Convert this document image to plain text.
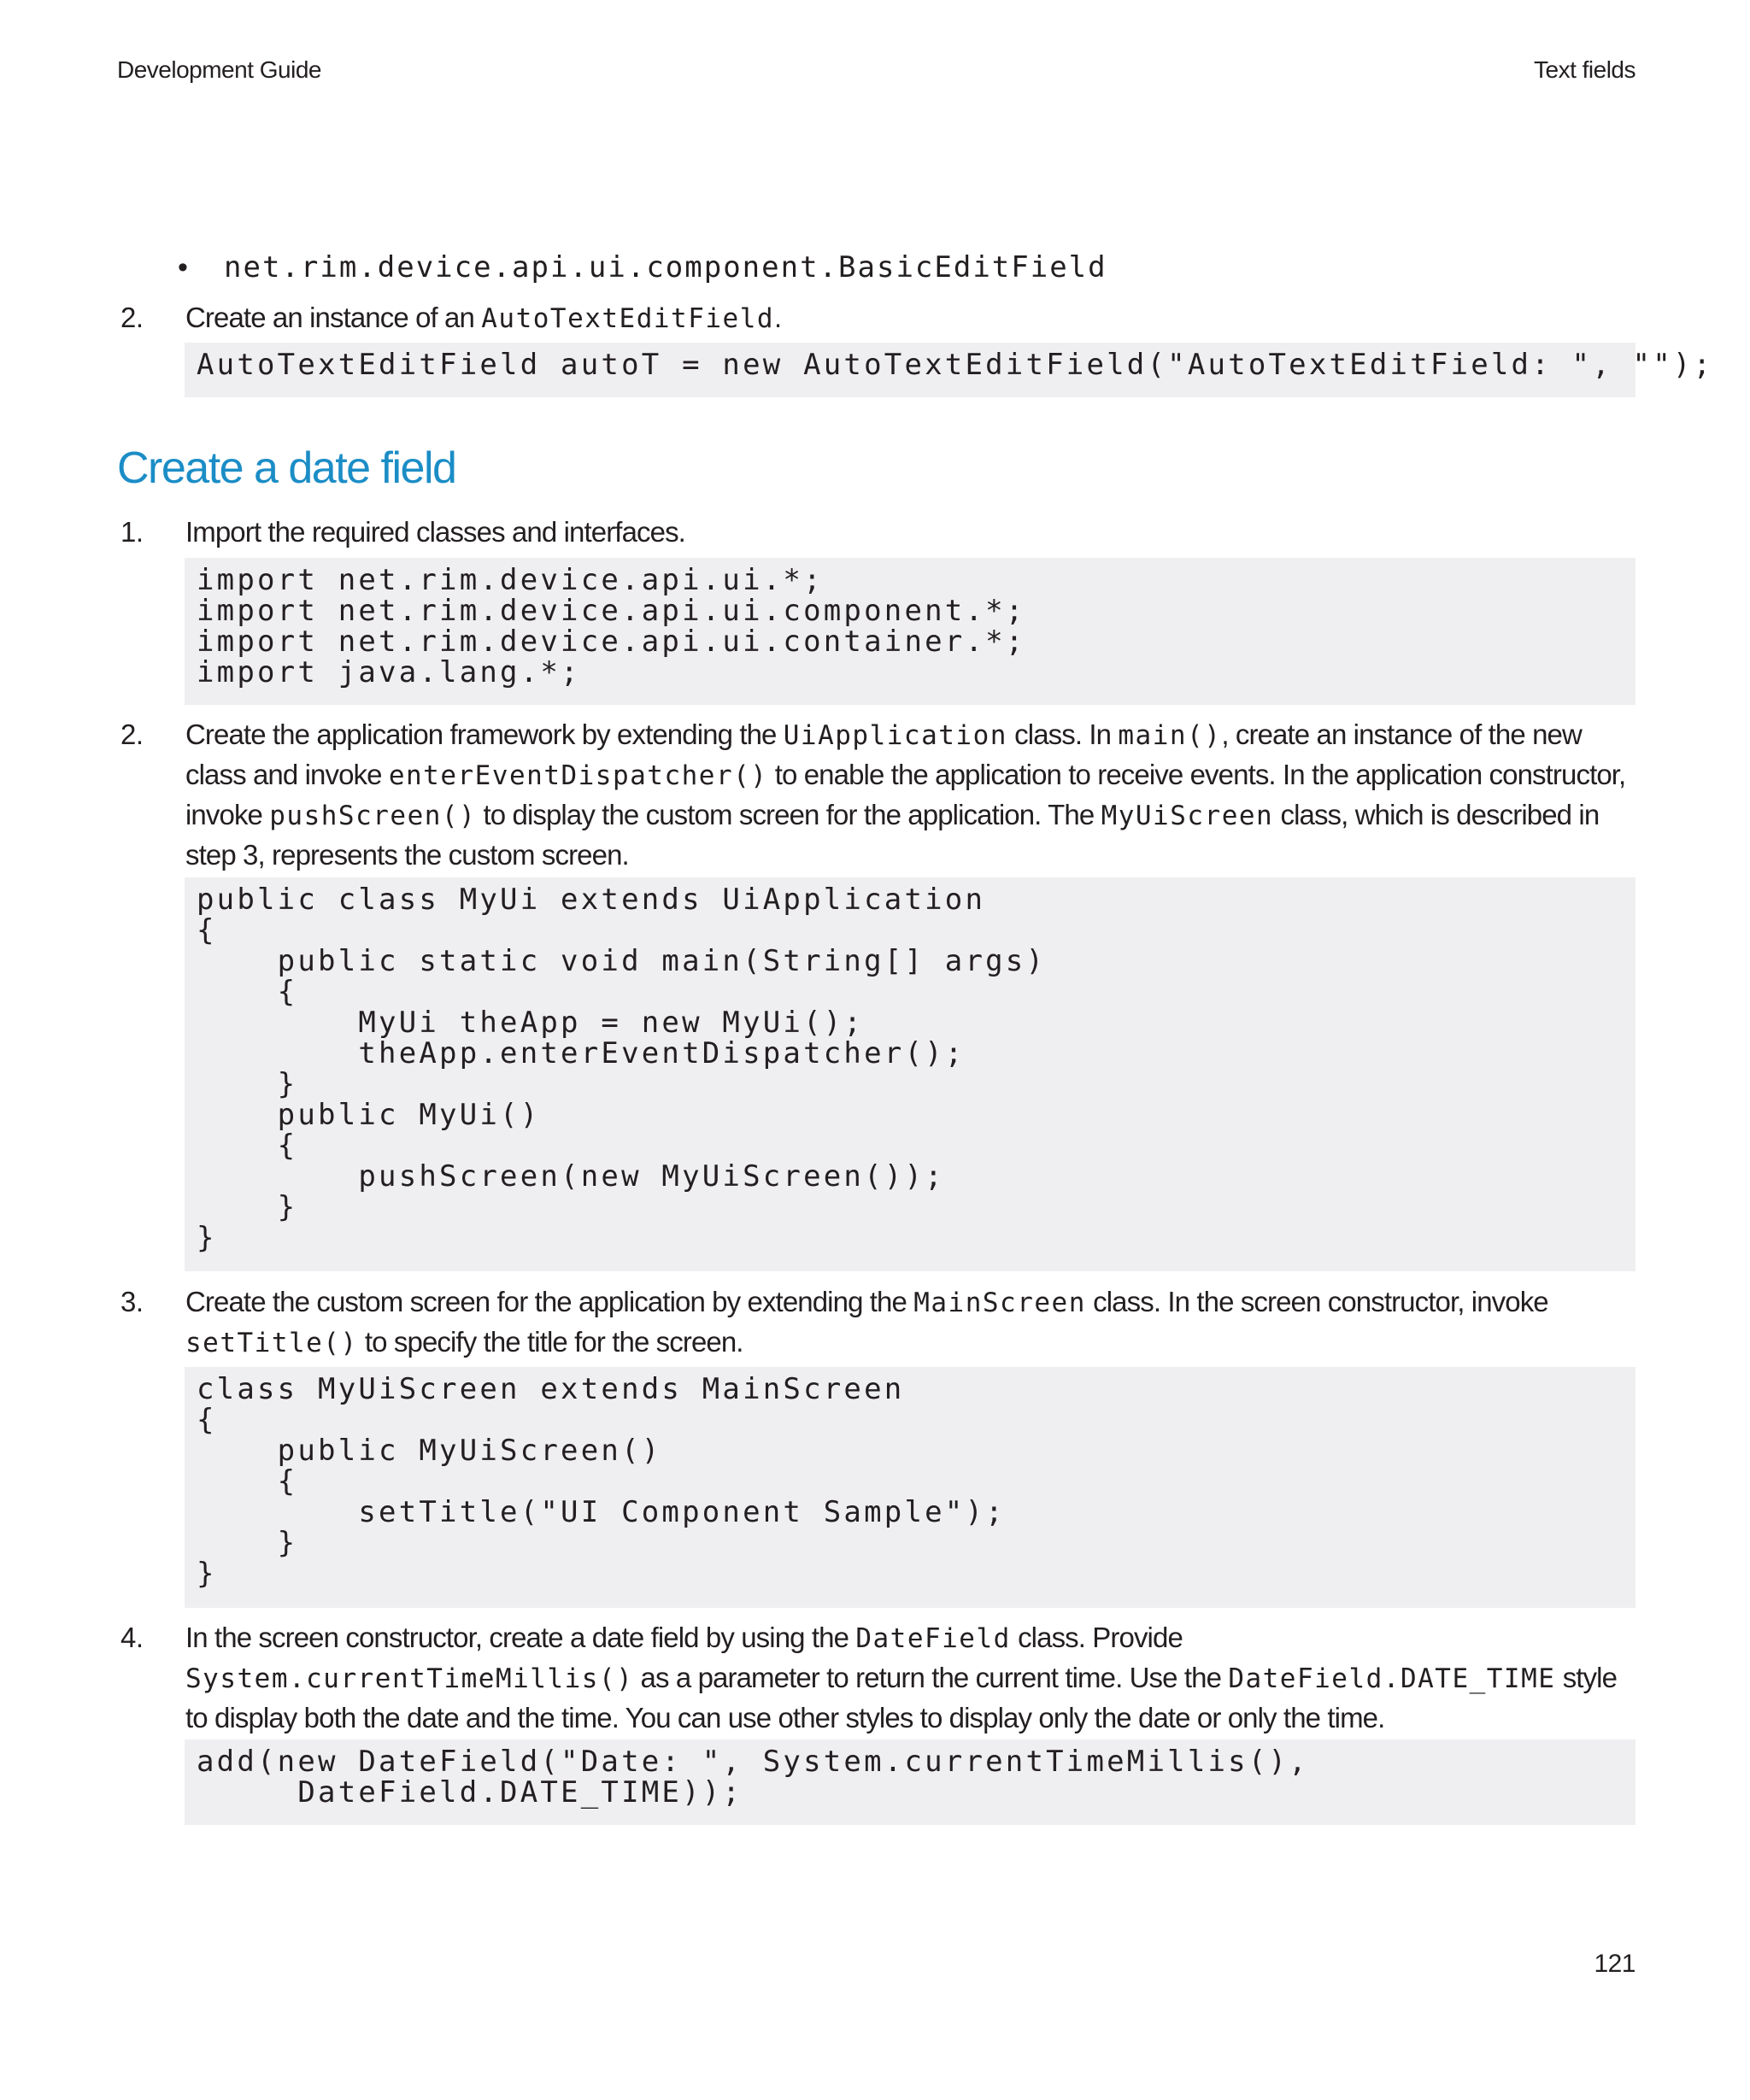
Development Guide	Text fields
• net.rim.device.api.ui.component.BasicEditField
2. Create an instance of an AutoTextEditField.
AutoTextEditField autoT = new AutoTextEditField("AutoTextEditField: ", "");
Create a date field
1. Import the required classes and interfaces.
import net.rim.device.api.ui.*;
import net.rim.device.api.ui.component.*;
import net.rim.device.api.ui.container.*;
import java.lang.*;
2. Create the application framework by extending the UiApplication class. In main(), create an instance of the new class and invoke enterEventDispatcher() to enable the application to receive events. In the application constructor, invoke pushScreen() to display the custom screen for the application. The MyUiScreen class, which is described in step 3, represents the custom screen.
public class MyUi extends UiApplication
{
public static void main(String[] args)
{
MyUi theApp = new MyUi();
theApp.enterEventDispatcher();
}
public MyUi()
{
pushScreen(new MyUiScreen());
}
}
3. Create the custom screen for the application by extending the MainScreen class. In the screen constructor, invoke setTitle() to specify the title for the screen.
class MyUiScreen extends MainScreen
{
public MyUiScreen()
{
setTitle("UI Component Sample");
}
}
4. In the screen constructor, create a date field by using the DateField class. Provide System.currentTimeMillis() as a parameter to return the current time. Use the DateField.DATE_TIME style to display both the date and the time. You can use other styles to display only the date or only the time.
add(new DateField("Date: ", System.currentTimeMillis(),
DateField.DATE_TIME));
121
